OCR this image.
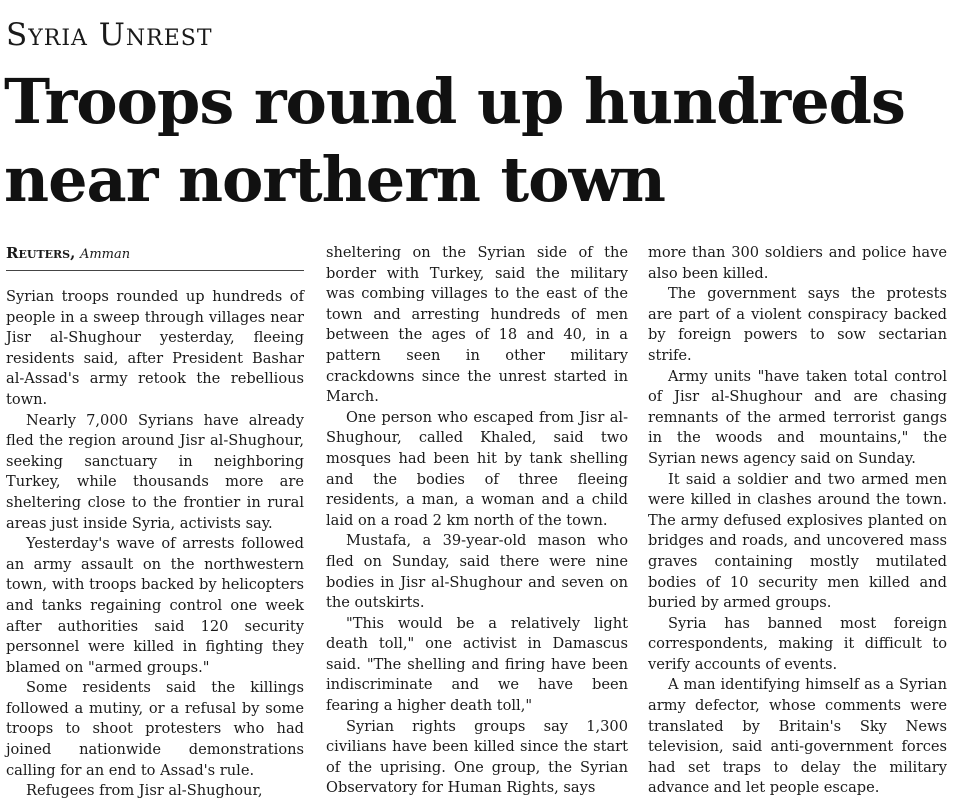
Syria Unrest
Troops round up hundreds near northern town
Reuters, Amman

Syrian troops rounded up hundreds of people in a sweep through villages near Jisr al-Shughour yesterday, fleeing residents said, after President Bashar al-Assad's army retook the rebellious town.

Nearly 7,000 Syrians have already fled the region around Jisr al-Shughour, seeking sanctuary in neighboring Turkey, while thousands more are sheltering close to the frontier in rural areas just inside Syria, activists say.

Yesterday's wave of arrests followed an army assault on the northwestern town, with troops backed by helicopters and tanks regaining control one week after authorities said 120 security personnel were killed in fighting they blamed on "armed groups."

Some residents said the killings followed a mutiny, or a refusal by some troops to shoot protesters who had joined nationwide demonstrations calling for an end to Assad's rule.

Refugees from Jisr al-Shughour,

sheltering on the Syrian side of the border with Turkey, said the military was combing villages to the east of the town and arresting hundreds of men between the ages of 18 and 40, in a pattern seen in other military crackdowns since the unrest started in March.

One person who escaped from Jisr al-Shughour, called Khaled, said two mosques had been hit by tank shelling and the bodies of three fleeing residents, a man, a woman and a child laid on a road 2 km north of the town.

Mustafa, a 39-year-old mason who fled on Sunday, said there were nine bodies in Jisr al-Shughour and seven on the outskirts.

"This would be a relatively light death toll," one activist in Damascus said. "The shelling and firing have been indiscriminate and we have been fearing a higher death toll,"

Syrian rights groups say 1,300 civilians have been killed since the start of the uprising. One group, the Syrian Observatory for Human Rights, says

more than 300 soldiers and police have also been killed.

The government says the protests are part of a violent conspiracy backed by foreign powers to sow sectarian strife.

Army units "have taken total control of Jisr al-Shughour and are chasing remnants of the armed terrorist gangs in the woods and mountains," the Syrian news agency said on Sunday.

It said a soldier and two armed men were killed in clashes around the town. The army defused explosives planted on bridges and roads, and uncovered mass graves containing mostly mutilated bodies of 10 security men killed and buried by armed groups.

Syria has banned most foreign correspondents, making it difficult to verify accounts of events.

A man identifying himself as a Syrian army defector, whose comments were translated by Britain's Sky News television, said anti-government forces had set traps to delay the military advance and let people escape.
